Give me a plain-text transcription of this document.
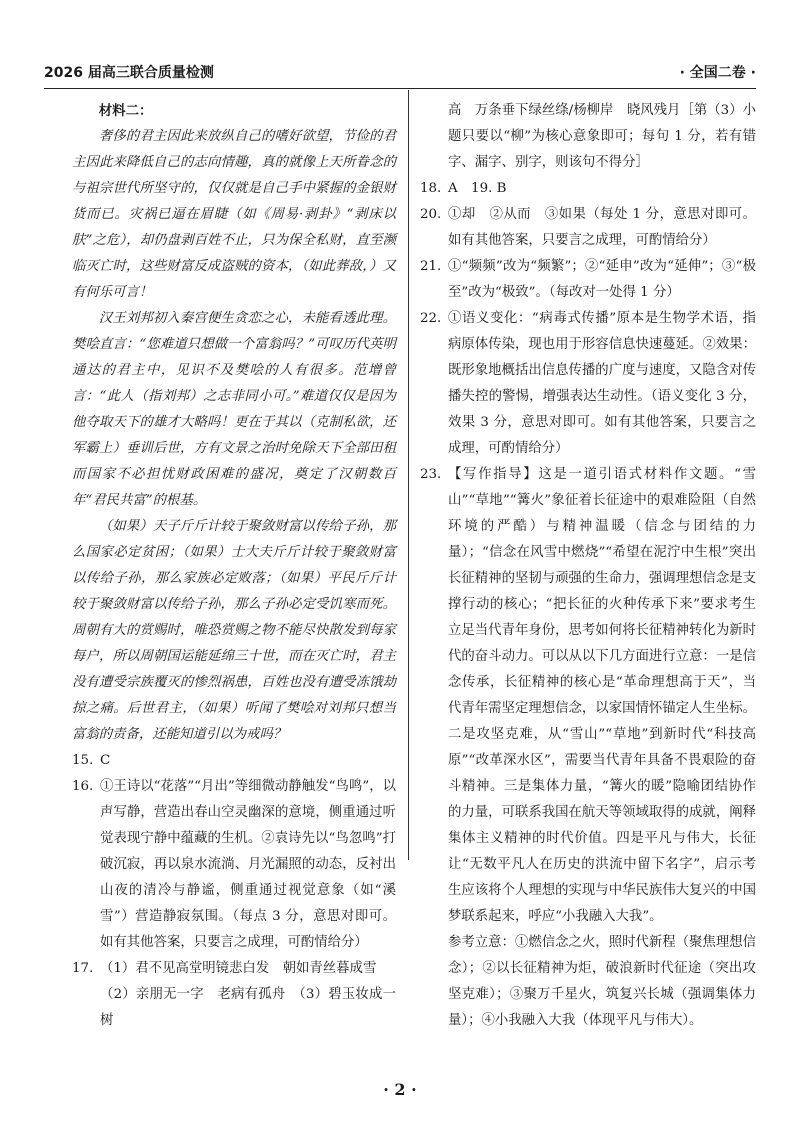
2026 届高三联合质量检测	· 全国二卷 ·

材料二：

奢侈的君主因此来放纵自己的嗜好欲望，节俭的君主因此来降低自己的志向情趣，真的就像上天所眷念的与祖宗世代所坚守的，仅仅就是自己手中紧握的金银财货而已。灾祸已逼在眉睫（如《周易·剥卦》“剥床以肤”之危），却仍盘剥百姓不止，只为保全私财，直至濒临灭亡时，这些财富反成盗贼的资本，（如此葬敌，）又有何乐可言！

汉王刘邦初入秦宫便生贪恋之心，未能看透此理。樊哙直言：“您难道只想做一个富翁吗？”可叹历代英明通达的君主中，见识不及樊哙的人有很多。范增曾言：“此人（指刘邦）之志非同小可。”难道仅仅是因为他夺取天下的雄才大略吗！更在于其以（克制私欲，还军霸上）垂训后世，方有文景之治时免除天下全部田租而国家不必担忧财政困难的盛况，奠定了汉朝数百年“君民共富”的根基。

（如果）天子斤斤计较于聚敛财富以传给子孙，那么国家必定贫困；（如果）士大夫斤斤计较于聚敛财富以传给子孙，那么家族必定败落；（如果）平民斤斤计较于聚敛财富以传给子孙，那么子孙必定受饥寒而死。周朝有大的赏赐时，唯恐赏赐之物不能尽快散发到每家每户，所以周朝国运能延绵三十世，而在灭亡时，君主没有遭受宗族覆灭的惨烈祸患，百姓也没有遭受冻饿劫掠之痛。后世君主，（如果）听闻了樊哙对刘邦只想当富翁的责备，还能知道引以为戒吗？

15. C
16. ①王诗以“花落”“月出”等细微动静触发“鸟鸣”，以声写静，营造出春山空灵幽深的意境，侧重通过听觉表现宁静中蕴藏的生机。②袁诗先以“鸟忽鸣”打破沉寂，再以泉水流淌、月光漏照的动态，反衬出山夜的清冷与静谧，侧重通过视觉意象（如“溪雪”）营造静寂氛围。（每点 3 分，意思对即可。如有其他答案，只要言之成理，可酌情给分）
17. （1）君不见高堂明镜悲白发　朝如青丝暮成雪

（2）亲朋无一字　老病有孤舟　（3）碧玉妆成一树

高　万条垂下绿丝绦/杨柳岸　晓风残月［第（3）小题只要以“柳”为核心意象即可；每句 1 分，若有错字、漏字、别字，则该句不得分］

18. A　19. B
20. ①却　②从而　③如果（每处 1 分，意思对即可。如有其他答案，只要言之成理，可酌情给分）
21. ①“频频”改为“频繁”；②“延申”改为“延伸”；③“极至”改为“极致”。（每改对一处得 1 分）
22. ①语义变化：“病毒式传播”原本是生物学术语，指病原体传染，现也用于形容信息快速蔓延。②效果：既形象地概括出信息传播的广度与速度，又隐含对传播失控的警惕，增强表达生动性。（语义变化 3 分，效果 3 分，意思对即可。如有其他答案，只要言之成理，可酌情给分）
23. 【写作指导】这是一道引语式材料作文题。“雪山”“草地”“篝火”象征着长征途中的艰难险阻（自然环境的严酷）与精神温暖（信念与团结的力量）；“信念在风雪中燃烧”“希望在泥泞中生根”突出长征精神的坚韧与顽强的生命力，强调理想信念是支撑行动的核心；“把长征的火种传承下来”要求考生立足当代青年身份，思考如何将长征精神转化为新时代的奋斗动力。可以从以下几方面进行立意：一是信念传承，长征精神的核心是“革命理想高于天”，当代青年需坚定理想信念，以家国情怀锚定人生坐标。二是攻坚克难，从“雪山”“草地”到新时代“科技高原”“改革深水区”，需要当代青年具备不畏艰险的奋斗精神。三是集体力量，“篝火的暖”隐喻团结协作的力量，可联系我国在航天等领域取得的成就，阐释集体主义精神的时代价值。四是平凡与伟大，长征让“无数平凡人在历史的洪流中留下名字”，启示考生应该将个人理想的实现与中华民族伟大复兴的中国梦联系起来，呼应“小我融入大我”。

参考立意：①燃信念之火，照时代新程（聚焦理想信念）；②以长征精神为炬，破浪新时代征途（突出攻坚克难）；③聚万千星火，筑复兴长城（强调集体力量）；④小我融入大我（体现平凡与伟大）。

· 2 ·
